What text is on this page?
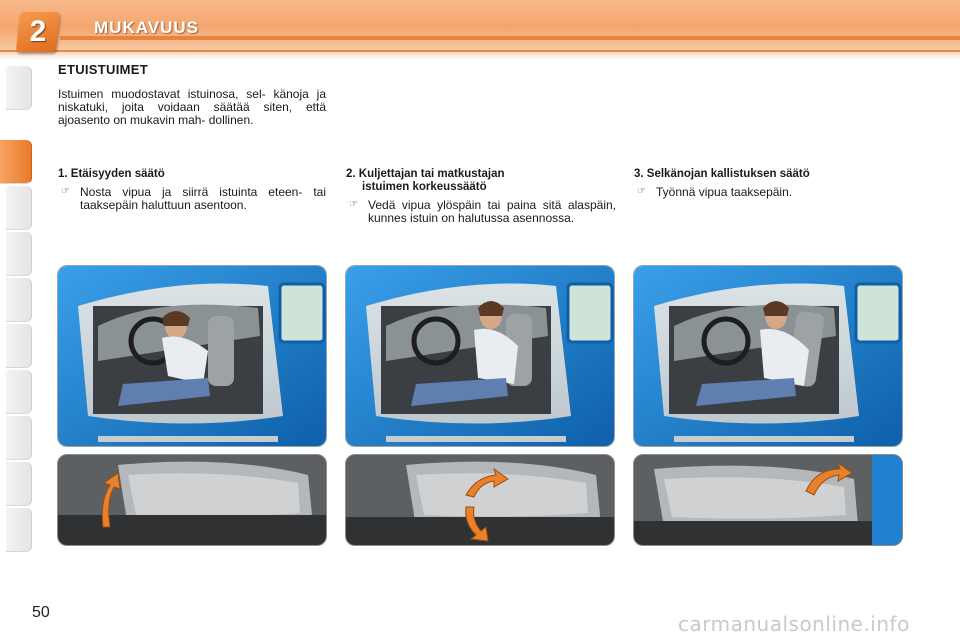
2	MUKAVUUS
ETUISTUIMET
Istuimen muodostavat istuinosa, sel- känoja ja niskatuki, joita voidaan säätää siten, että ajoasento on mukavin mah- dollinen.
1. Etäisyyden säätö
☞ Nosta vipua ja siirrä istuinta eteen- tai taaksepäin haluttuun asentoon.
2. Kuljettajan tai matkustajan
istuimen korkeussäätö
☞ Vedä vipua ylöspäin tai paina sitä alaspäin, kunnes istuin on halutussa asennossa.
3. Selkänojan kallistuksen säätö
☞ Työnnä vipua taaksepäin.
50	carmanualsonline.info
